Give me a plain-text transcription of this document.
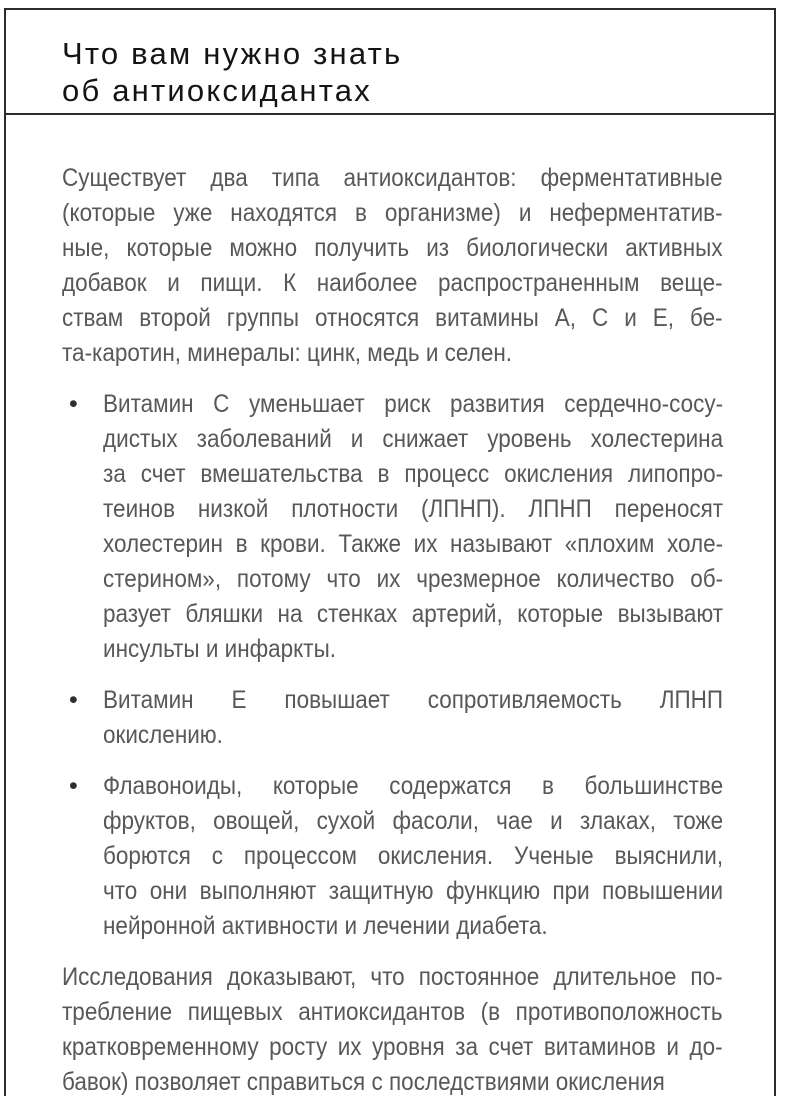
Что вам нужно знать
об антиоксидантах
Существует два типа антиоксидантов: ферментативные
(которые уже находятся в организме) и неферментатив-
ные, которые можно получить из биологически активных
добавок и пищи. К наиболее распространенным веще-
ствам второй группы относятся витамины А, С и Е, бе-
та-каротин, минералы: цинк, медь и селен.
•	Витамин С уменьшает риск развития сердечно-сосу-
дистых заболеваний и снижает уровень холестерина
за счет вмешательства в процесс окисления липопро-
теинов низкой плотности (ЛПНП). ЛПНП переносят
холестерин в крови. Также их называют «плохим холе-
стерином», потому что их чрезмерное количество об-
разует бляшки на стенках артерий, которые вызывают
инсульты и инфаркты.
•	Витамин Е повышает сопротивляемость ЛПНП
окислению.
•	Флавоноиды, которые содержатся в большинстве
фруктов, овощей, сухой фасоли, чае и злаках, тоже
борются с процессом окисления. Ученые выяснили,
что они выполняют защитную функцию при повышении
нейронной активности и лечении диабета.
Исследования доказывают, что постоянное длительное по-
требление пищевых антиоксидантов (в противоположность
кратковременному росту их уровня за счет витаминов и до-
бавок) позволяет справиться с последствиями окисления
